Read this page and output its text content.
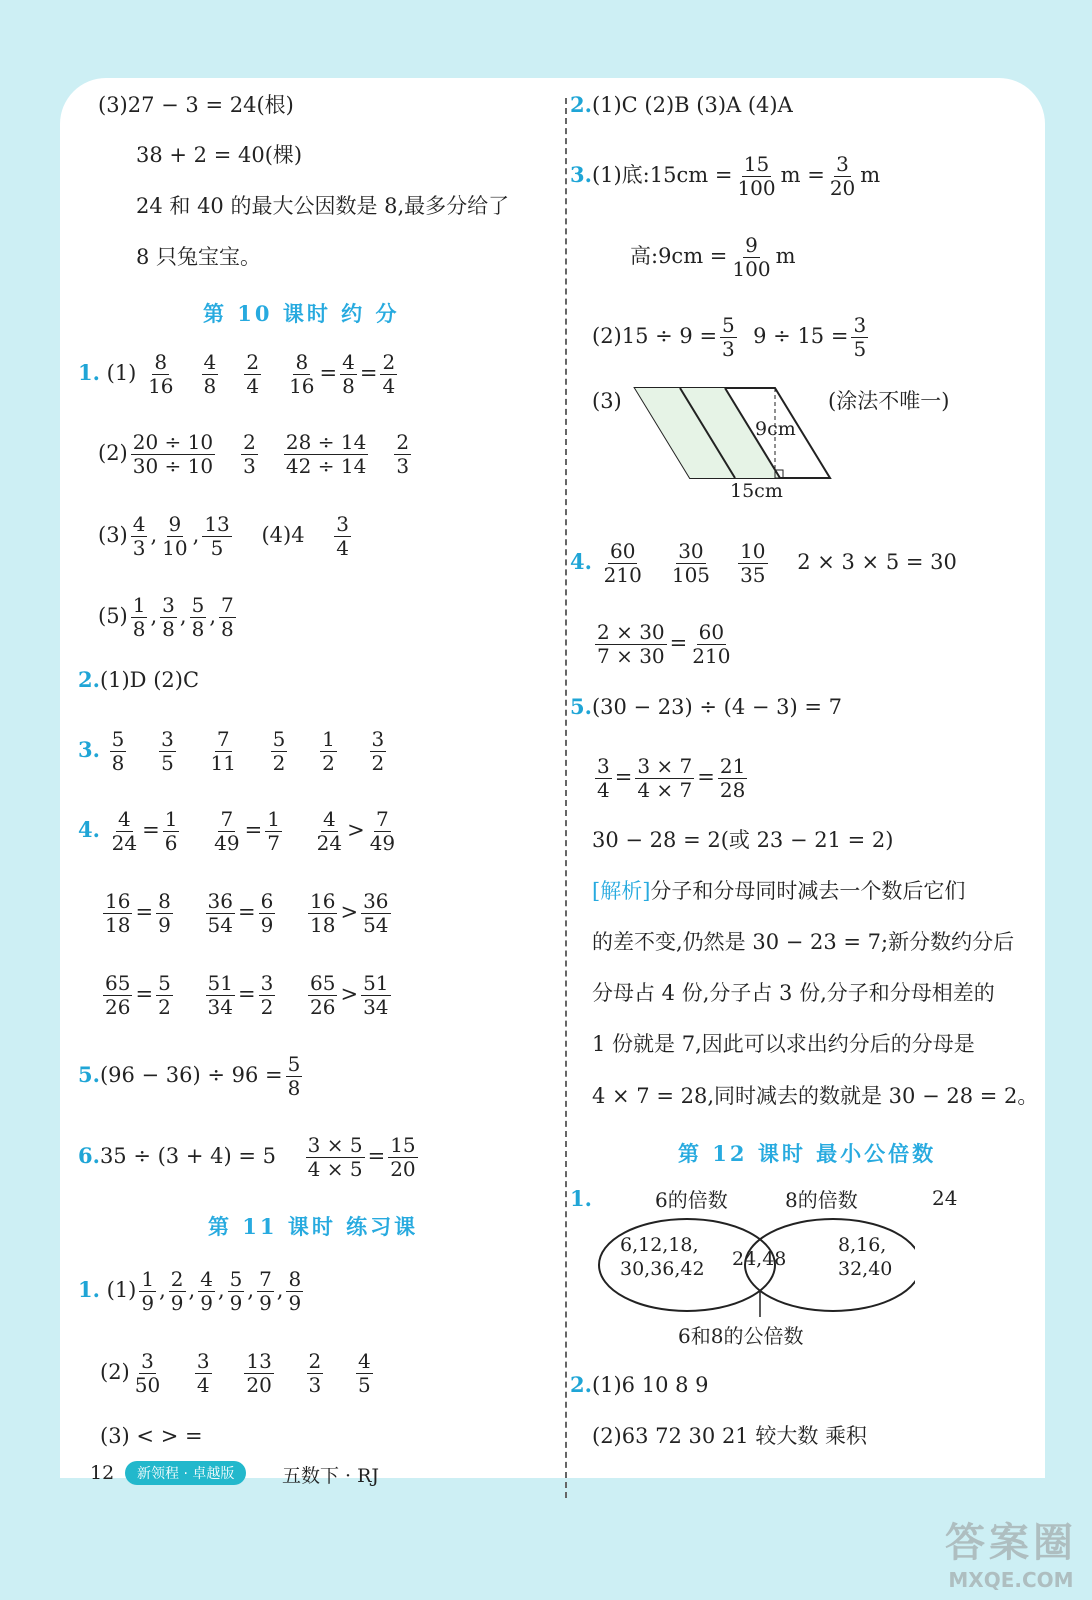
(3)27 − 3 = 24(根)
38 + 2 = 40(棵)
24 和 40 的最大公因数是 8,最多分给了
8 只兔宝宝。
第 10 课时 约 分
1. $(1) \frac{8}{16}$
$\frac{4}{8}$
$\frac{2}{4}$
$\frac{8}{16} = \frac{4}{8} = \frac{2}{4}$
$(2) \frac{20 \div 10}{30 \div 10}$
$\frac{2}{3}$
$\frac{28 \div 14}{42 \div 14}$
$\frac{2}{3}$
$(3) \frac{4}{3}$ , $\frac{9}{10}$ , $\frac{13}{5} (4)4 \frac{3}{4}$
$(5) \frac{1}{8}$ , $\frac{3}{8}$ , $\frac{5}{8}$ , $\frac{7}{8}$
2.(1)D (2)C
3. $\frac{5}{8}$
$\frac{3}{5}$
$\frac{7}{11}$
$\frac{5}{2}$
$\frac{1}{2}$
$\frac{3}{2}$
4. $\frac{4}{24} = \frac{1}{6}$
$\frac{7}{49} = \frac{1}{7}$
$\frac{4}{24} > \frac{7}{49}$
$\frac{16}{18} = \frac{8}{9}$
$\frac{36}{54} = \frac{6}{9}$
$\frac{16}{18} > \frac{36}{54}$
$\frac{65}{26} = \frac{5}{2}$
$\frac{51}{34} = \frac{3}{2}$
$\frac{65}{26} > \frac{51}{34}$
$5.(96 - 36) \div 96 = \frac{5}{8}$
$6.35 \div (3 + 4) = 5 \frac{3 \times 5}{4 \times 5} = \frac{15}{20}$
第 11 课时 练习课
1. $(1) \frac{1}{9}$ , $\frac{2}{9}$ , $\frac{4}{9}$ , $\frac{5}{9}$ , $\frac{7}{9}$ , $\frac{8}{9}$
$(2) \frac{3}{50}$
$\frac{3}{4}$
$\frac{13}{20}$
$\frac{2}{3}$
$\frac{4}{5}$
(3) < > =
2.(1)C (2)B (3)A (4)A
3.(1)底:15cm = $\frac{15}{100}$ $m = \frac{3}{20}$ m
高:9cm = $\frac{9}{100}$ m
$(2)15 \div 9 = \frac{5}{3} 9 \div 15 = \frac{3}{5}$
(3)	(涂法不唯一)
9cm
15cm
4. $\frac{60}{210}$
$\frac{30}{105}$
$\frac{10}{35} 2 \times 3 \times 5 = 30$
$\frac{2 \times 30}{7 \times 30} = \frac{60}{210}$
5.(30 − 23) ÷ (4 − 3) = 7
$\frac{3}{4} = \frac{3 \times 7}{4 \times 7} = \frac{21}{28}$
30 − 28 = 2(或 23 − 21 = 2)
[解析]分子和分母同时减去一个数后它们
的差不变,仍然是 30 − 23 = 7;新分数约分后
分母占 4 份,分子占 3 份,分子和分母相差的
1 份就是 7,因此可以求出约分后的分母是
4 × 7 = 28,同时减去的数就是 30 − 28 = 2。
第 12 课时 最小公倍数
1.	6的倍数	8的倍数	24
6,12,18,
30,36,42 24,48
8,16,
32,40
6和8的公倍数
2.(1)6 10 8 9
(2)63 72 30 21 较大数 乘积
12	新领程 · 卓越版	五数下 · RJ
答案圈
MXQE.COM
